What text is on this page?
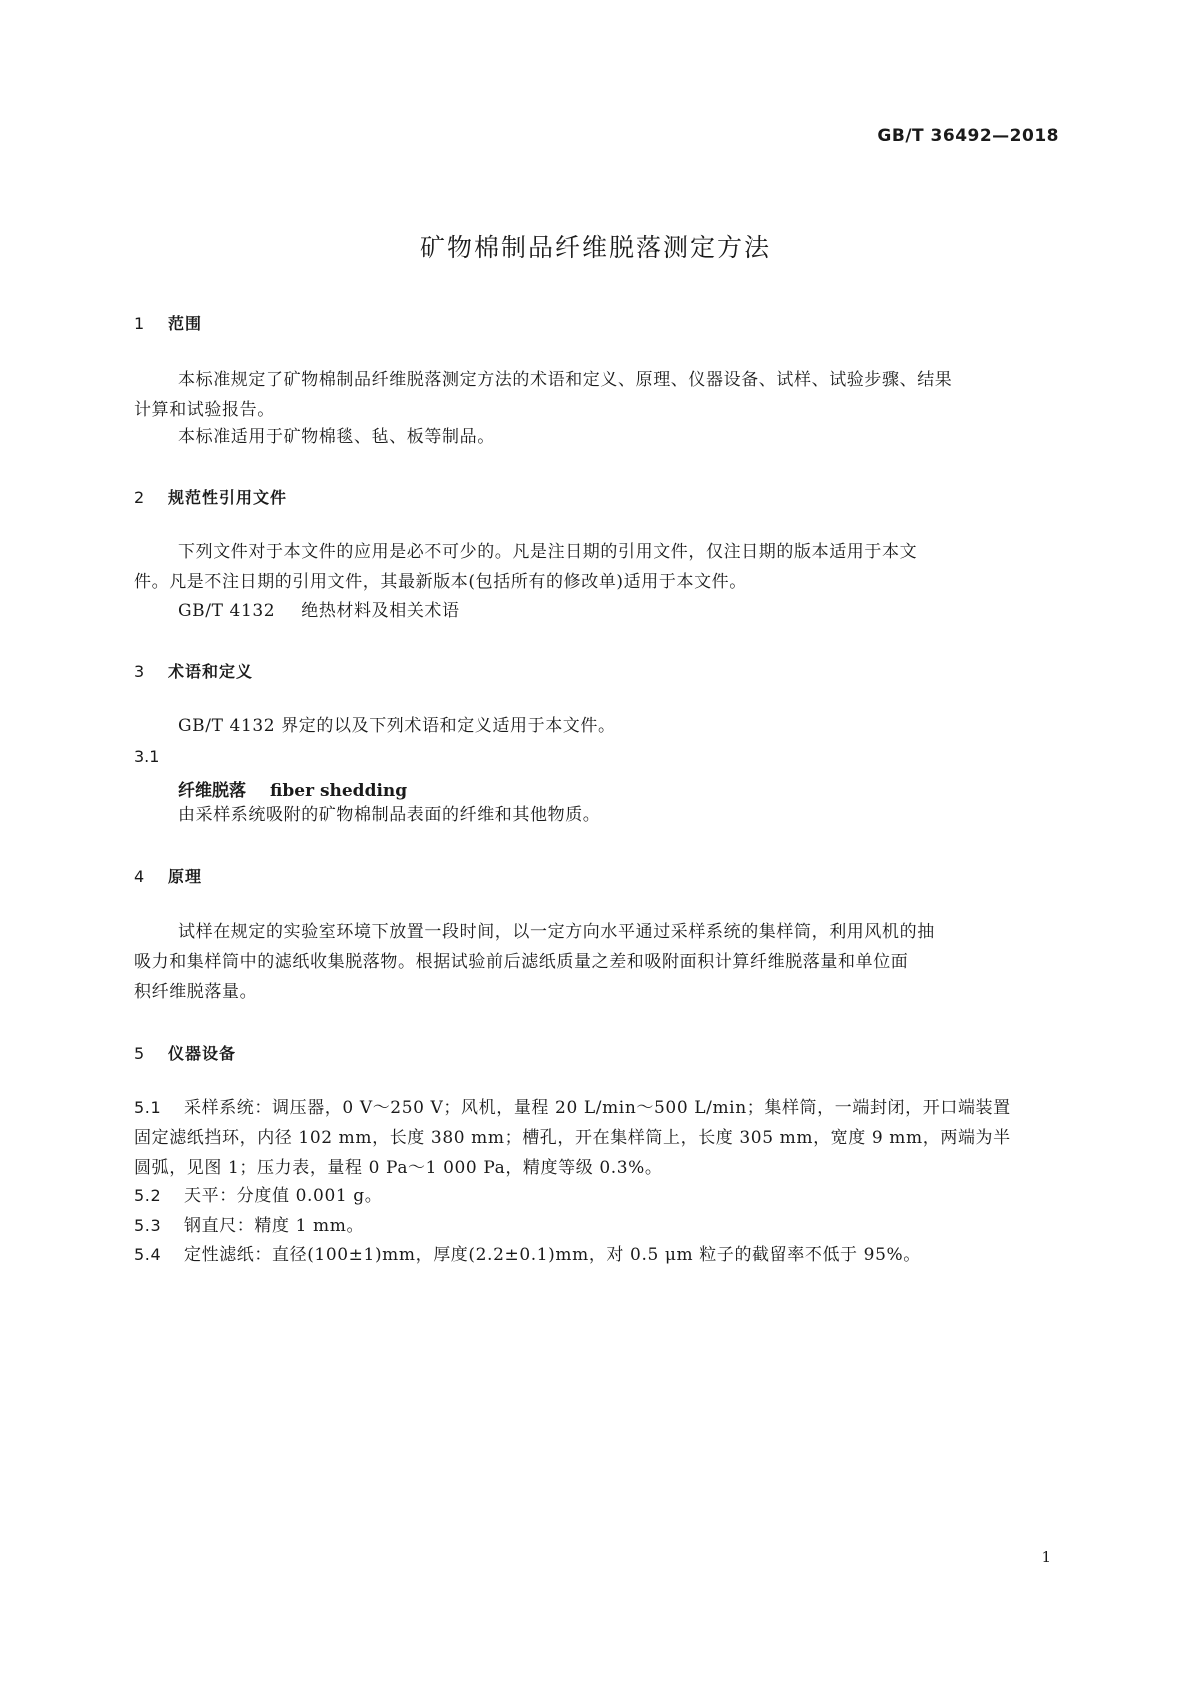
GB/T 36492—2018
矿物棉制品纤维脱落测定方法
1 范围
本标准规定了矿物棉制品纤维脱落测定方法的术语和定义、原理、仪器设备、试样、试验步骤、结果
计算和试验报告。
本标准适用于矿物棉毯、毡、板等制品。
2 规范性引用文件
下列文件对于本文件的应用是必不可少的。凡是注日期的引用文件，仅注日期的版本适用于本文
件。凡是不注日期的引用文件，其最新版本(包括所有的修改单)适用于本文件。
GB/T 4132 绝热材料及相关术语
3 术语和定义
GB/T 4132 界定的以及下列术语和定义适用于本文件。
3.1
纤维脱落 fiber shedding
由采样系统吸附的矿物棉制品表面的纤维和其他物质。
4 原理
试样在规定的实验室环境下放置一段时间，以一定方向水平通过采样系统的集样筒，利用风机的抽
吸力和集样筒中的滤纸收集脱落物。根据试验前后滤纸质量之差和吸附面积计算纤维脱落量和单位面
积纤维脱落量。
5 仪器设备
5.1 采样系统：调压器，0 V～250 V；风机，量程 20 L/min～500 L/min；集样筒，一端封闭，开口端装置
固定滤纸挡环，内径 102 mm，长度 380 mm；槽孔，开在集样筒上，长度 305 mm，宽度 9 mm，两端为半
圆弧，见图 1；压力表，量程 0 Pa～1 000 Pa，精度等级 0.3%。
5.2 天平：分度值 0.001 g。
5.3 钢直尺：精度 1 mm。
5.4 定性滤纸：直径(100±1)mm，厚度(2.2±0.1)mm，对 0.5 μm 粒子的截留率不低于 95%。
1
